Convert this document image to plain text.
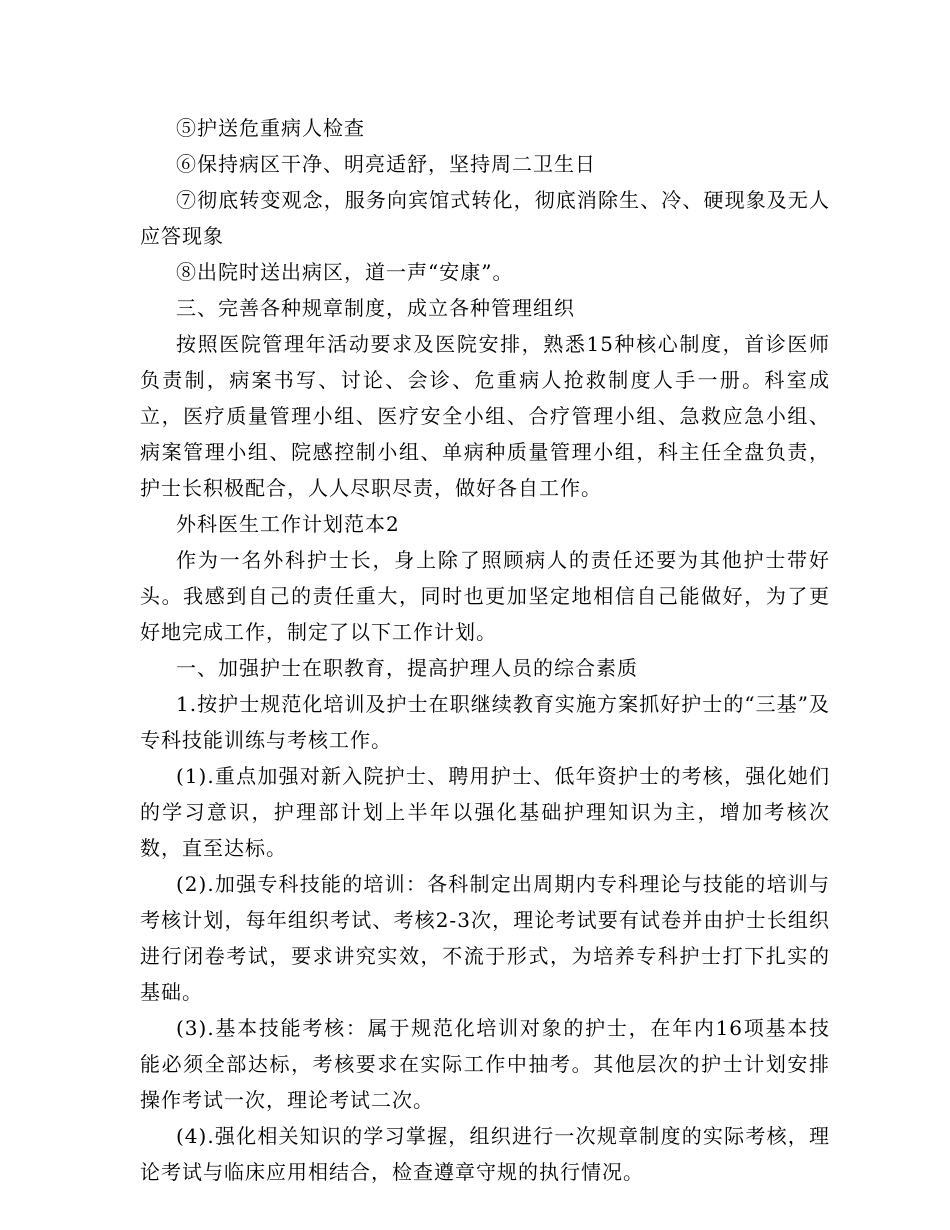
⑤护送危重病人检查

⑥保持病区干净、明亮适舒，坚持周二卫生日

⑦彻底转变观念，服务向宾馆式转化，彻底消除生、冷、硬现象及无人应答现象

⑧出院时送出病区，道一声“安康”。

三、完善各种规章制度，成立各种管理组织

按照医院管理年活动要求及医院安排，熟悉15种核心制度，首诊医师负责制，病案书写、讨论、会诊、危重病人抢救制度人手一册。科室成立，医疗质量管理小组、医疗安全小组、合疗管理小组、急救应急小组、病案管理小组、院感控制小组、单病种质量管理小组，科主任全盘负责，护士长积极配合，人人尽职尽责，做好各自工作。

外科医生工作计划范本2

作为一名外科护士长，身上除了照顾病人的责任还要为其他护士带好头。我感到自己的责任重大，同时也更加坚定地相信自己能做好，为了更好地完成工作，制定了以下工作计划。

一、加强护士在职教育，提高护理人员的综合素质

1.按护士规范化培训及护士在职继续教育实施方案抓好护士的“三基”及专科技能训练与考核工作。

(1).重点加强对新入院护士、聘用护士、低年资护士的考核，强化她们的学习意识，护理部计划上半年以强化基础护理知识为主，增加考核次数，直至达标。

(2).加强专科技能的培训：各科制定出周期内专科理论与技能的培训与考核计划，每年组织考试、考核2-3次，理论考试要有试卷并由护士长组织进行闭卷考试，要求讲究实效，不流于形式，为培养专科护士打下扎实的基础。

(3).基本技能考核：属于规范化培训对象的护士，在年内16项基本技能必须全部达标，考核要求在实际工作中抽考。其他层次的护士计划安排操作考试一次，理论考试二次。

(4).强化相关知识的学习掌握，组织进行一次规章制度的实际考核，理论考试与临床应用相结合，检查遵章守规的执行情况。
